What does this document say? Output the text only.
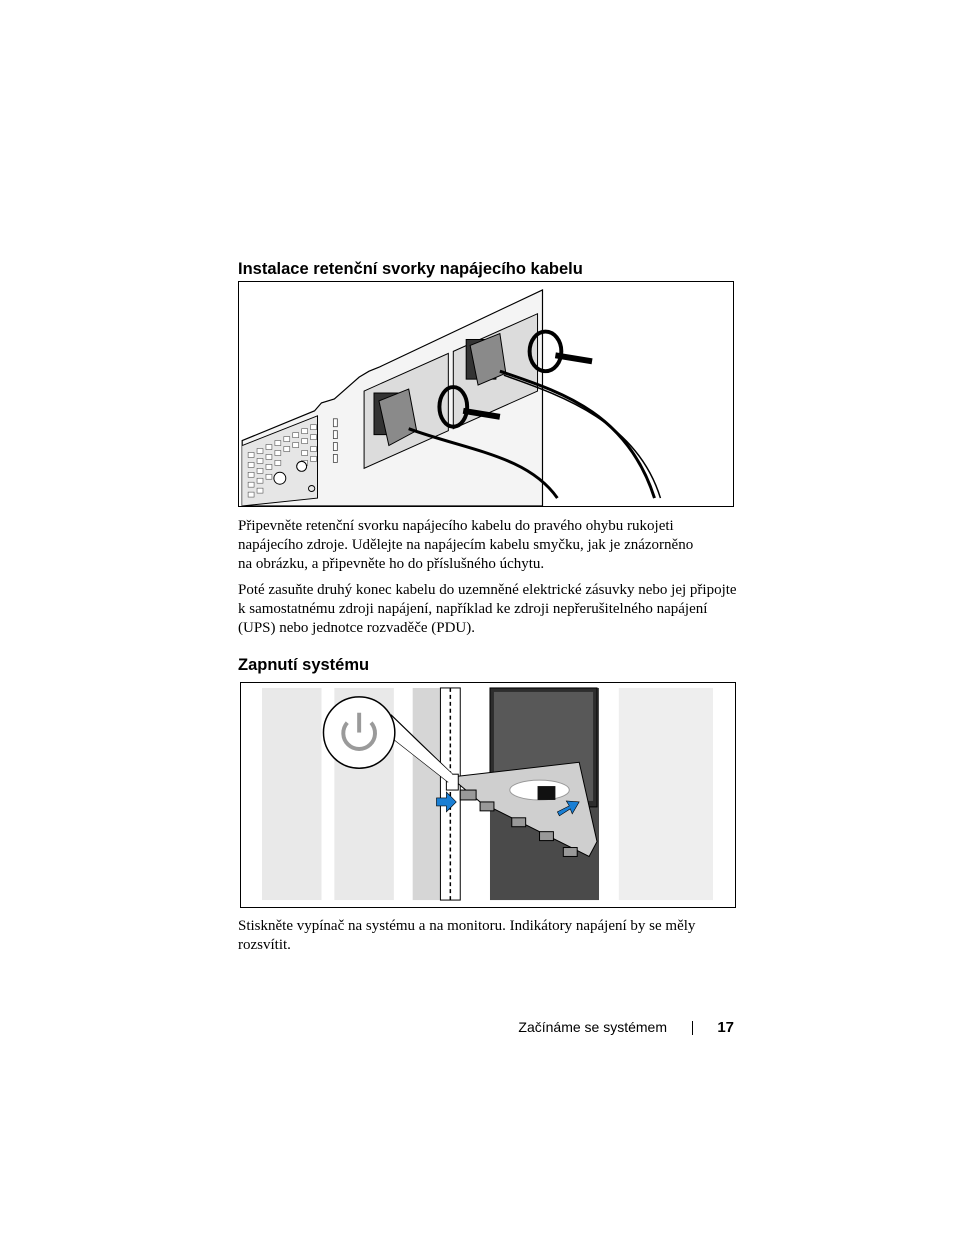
Instalace retenční svorky napájecího kabelu
⭘

Připevněte retenční svorku napájecího kabelu do pravého ohybu rukojeti
napájecího zdroje. Udělejte na napájecím kabelu smyčku, jak je znázorněno
na obrázku, a připevněte ho do příslušného úchytu.

Poté zasuňte druhý konec kabelu do uzemněné elektrické zásuvky nebo jej připojte
k samostatnému zdroji napájení, například ke zdroji nepřerušitelného napájení
(UPS) nebo jednotce rozvaděče (PDU).

Zapnutí systému

Stiskněte vypínač na systému a na monitoru. Indikátory napájení by se měly
rozsvítit.

Začínáme se systémem	17
